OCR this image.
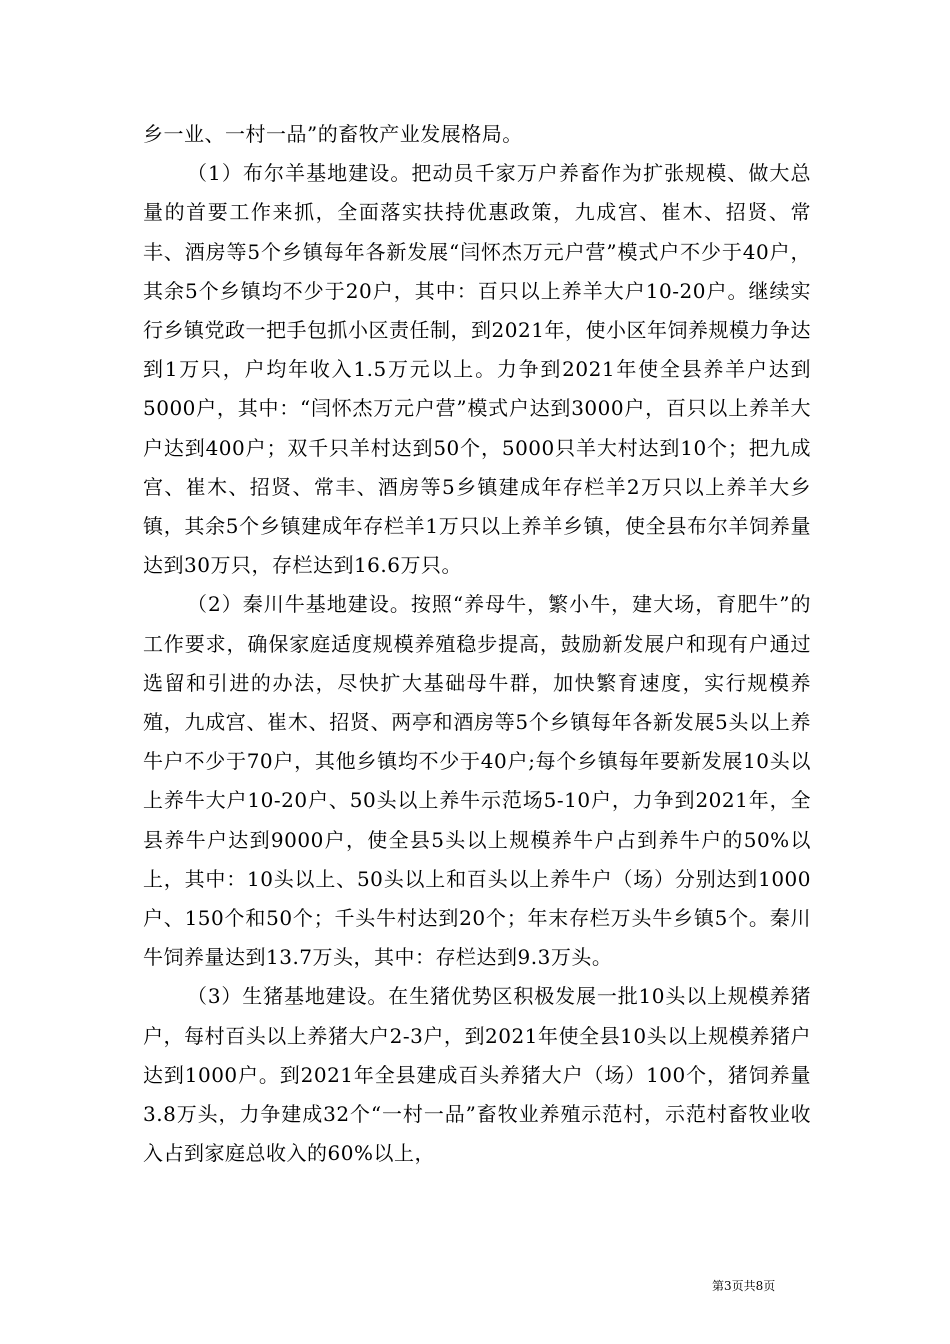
乡一业、一村一品”的畜牧产业发展格局。

（1）布尔羊基地建设。把动员千家万户养畜作为扩张规模、做大总量的首要工作来抓，全面落实扶持优惠政策，九成宫、崔木、招贤、常丰、酒房等5个乡镇每年各新发展“闫怀杰万元户营”模式户不少于40户，其余5个乡镇均不少于20户，其中：百只以上养羊大户10-20户。继续实行乡镇党政一把手包抓小区责任制，到2021年，使小区年饲养规模力争达到1万只，户均年收入1.5万元以上。力争到2021年使全县养羊户达到5000户，其中：“闫怀杰万元户营”模式户达到3000户，百只以上养羊大户达到400户；双千只羊村达到50个，5000只羊大村达到10个；把九成宫、崔木、招贤、常丰、酒房等5乡镇建成年存栏羊2万只以上养羊大乡镇，其余5个乡镇建成年存栏羊1万只以上养羊乡镇，使全县布尔羊饲养量达到30万只，存栏达到16.6万只。

（2）秦川牛基地建设。按照“养母牛，繁小牛，建大场，育肥牛”的工作要求，确保家庭适度规模养殖稳步提高，鼓励新发展户和现有户通过选留和引进的办法，尽快扩大基础母牛群，加快繁育速度，实行规模养殖，九成宫、崔木、招贤、两亭和酒房等5个乡镇每年各新发展5头以上养牛户不少于70户，其他乡镇均不少于40户;每个乡镇每年要新发展10头以上养牛大户10-20户、50头以上养牛示范场5-10户，力争到2021年，全县养牛户达到9000户，使全县5头以上规模养牛户占到养牛户的50%以上，其中：10头以上、50头以上和百头以上养牛户（场）分别达到1000户、150个和50个；千头牛村达到20个；年末存栏万头牛乡镇5个。秦川牛饲养量达到13.7万头，其中：存栏达到9.3万头。

（3）生猪基地建设。在生猪优势区积极发展一批10头以上规模养猪户，每村百头以上养猪大户2-3户，到2021年使全县10头以上规模养猪户达到1000户。到2021年全县建成百头养猪大户（场）100个，猪饲养量3.8万头，力争建成32个“一村一品”畜牧业养殖示范村，示范村畜牧业收入占到家庭总收入的60%以上，

第3页共8页
